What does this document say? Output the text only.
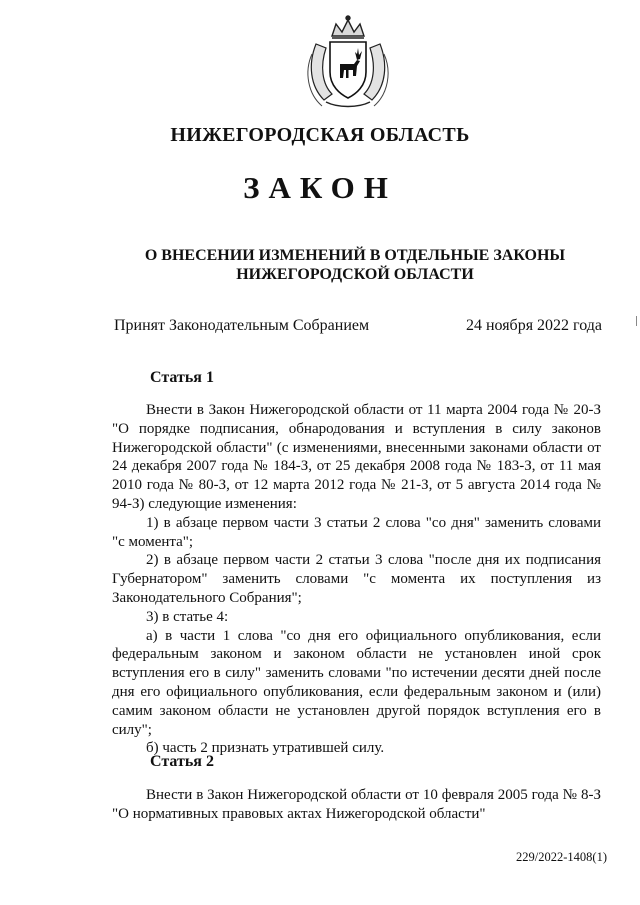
НИЖЕГОРОДСКАЯ ОБЛАСТЬ
ЗАКОН
О ВНЕСЕНИИ ИЗМЕНЕНИЙ В ОТДЕЛЬНЫЕ ЗАКОНЫ
НИЖЕГОРОДСКОЙ ОБЛАСТИ
Принят Законодательным Собранием	24 ноября 2022 года
Статья 1

Внести в Закон Нижегородской области от 11 марта 2004 года № 20-З "О порядке подписания, обнародования и вступления в силу законов Нижегородской области" (с изменениями, внесенными законами области от 24 декабря 2007 года № 184-З, от 25 декабря 2008 года № 183-З, от 11 мая 2010 года № 80-З, от 12 марта 2012 года № 21-З, от 5 августа 2014 года № 94-З) следующие изменения:

1) в абзаце первом части 3 статьи 2 слова "со дня" заменить словами "с момента";

2) в абзаце первом части 2 статьи 3 слова "после дня их подписания Губернатором" заменить словами "с момента их поступления из Законодательного Собрания";

3) в статье 4:

а) в части 1 слова "со дня его официального опубликования, если федеральным законом и законом области не установлен иной срок вступления его в силу" заменить словами "по истечении десяти дней после дня его официального опубликования, если федеральным законом и (или) самим законом области не установлен другой порядок вступления его в силу";

б) часть 2 признать утратившей силу.

Статья 2

Внести в Закон Нижегородской области от 10 февраля 2005 года № 8-З "О нормативных правовых актах Нижегородской области"

229/2022-1408(1)
